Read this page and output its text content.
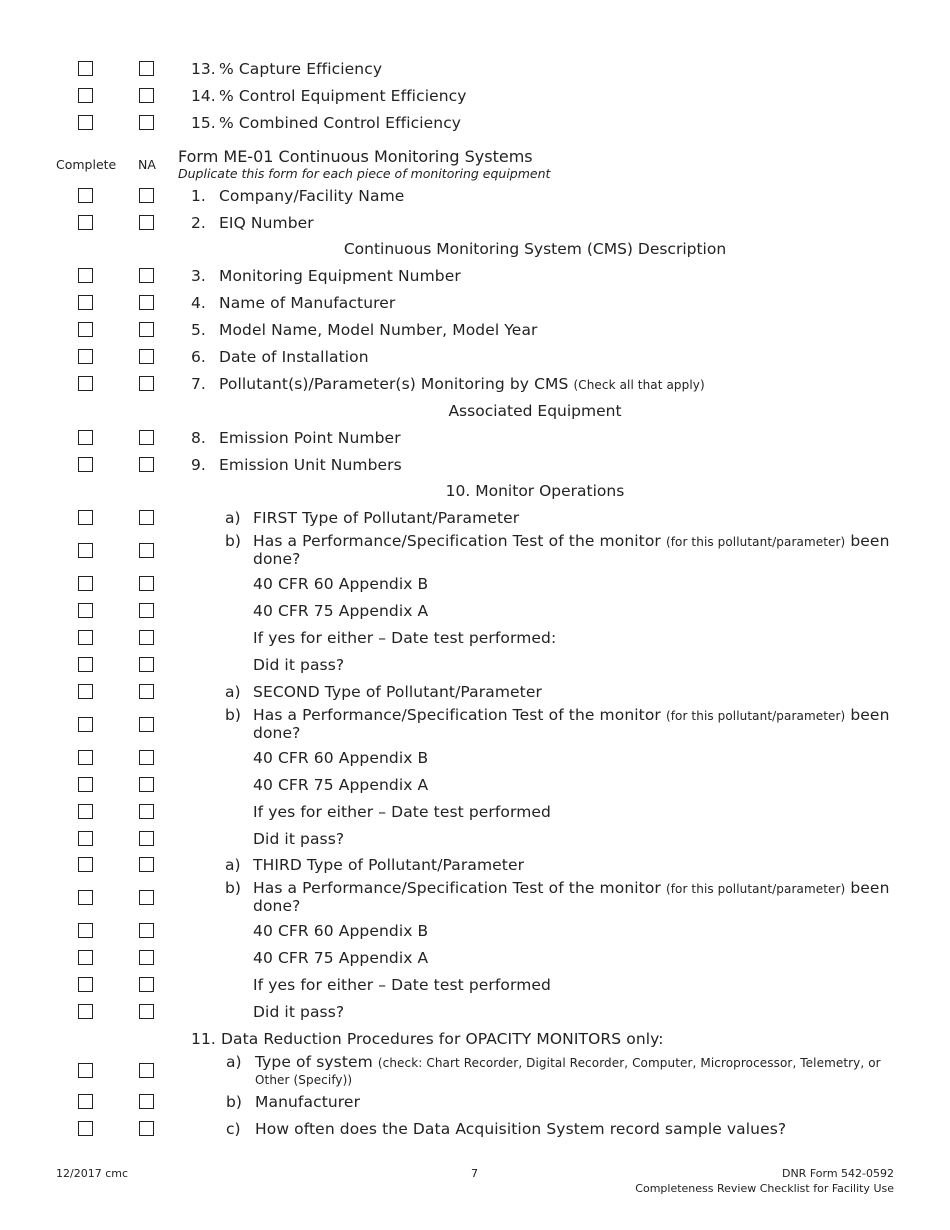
13. % Capture Efficiency
14. % Control Equipment Efficiency
15. % Combined Control Efficiency
Complete NA Form ME-01 Continuous Monitoring Systems
Duplicate this form for each piece of monitoring equipment
1. Company/Facility Name
2. EIQ Number
Continuous Monitoring System (CMS) Description
3. Monitoring Equipment Number
4. Name of Manufacturer
5. Model Name, Model Number, Model Year
6. Date of Installation
7. Pollutant(s)/Parameter(s) Monitoring by CMS (Check all that apply)
Associated Equipment
8. Emission Point Number
9. Emission Unit Numbers
10. Monitor Operations
a) FIRST Type of Pollutant/Parameter
b) Has a Performance/Specification Test of the monitor (for this pollutant/parameter) been
done?
40 CFR 60 Appendix B
40 CFR 75 Appendix A
If yes for either – Date test performed:
Did it pass?
a) SECOND Type of Pollutant/Parameter
b) Has a Performance/Specification Test of the monitor (for this pollutant/parameter) been
done?
40 CFR 60 Appendix B
40 CFR 75 Appendix A
If yes for either – Date test performed
Did it pass?
a) THIRD Type of Pollutant/Parameter
b) Has a Performance/Specification Test of the monitor (for this pollutant/parameter) been
done?
40 CFR 60 Appendix B
40 CFR 75 Appendix A
If yes for either – Date test performed
Did it pass?
11. Data Reduction Procedures for OPACITY MONITORS only:
a) Type of system (check: Chart Recorder, Digital Recorder, Computer, Microprocessor, Telemetry, or
Other (Specify))
b) Manufacturer
c) How often does the Data Acquisition System record sample values?
12/2017 cmc	7	DNR Form 542-0592
Completeness Review Checklist for Facility Use
